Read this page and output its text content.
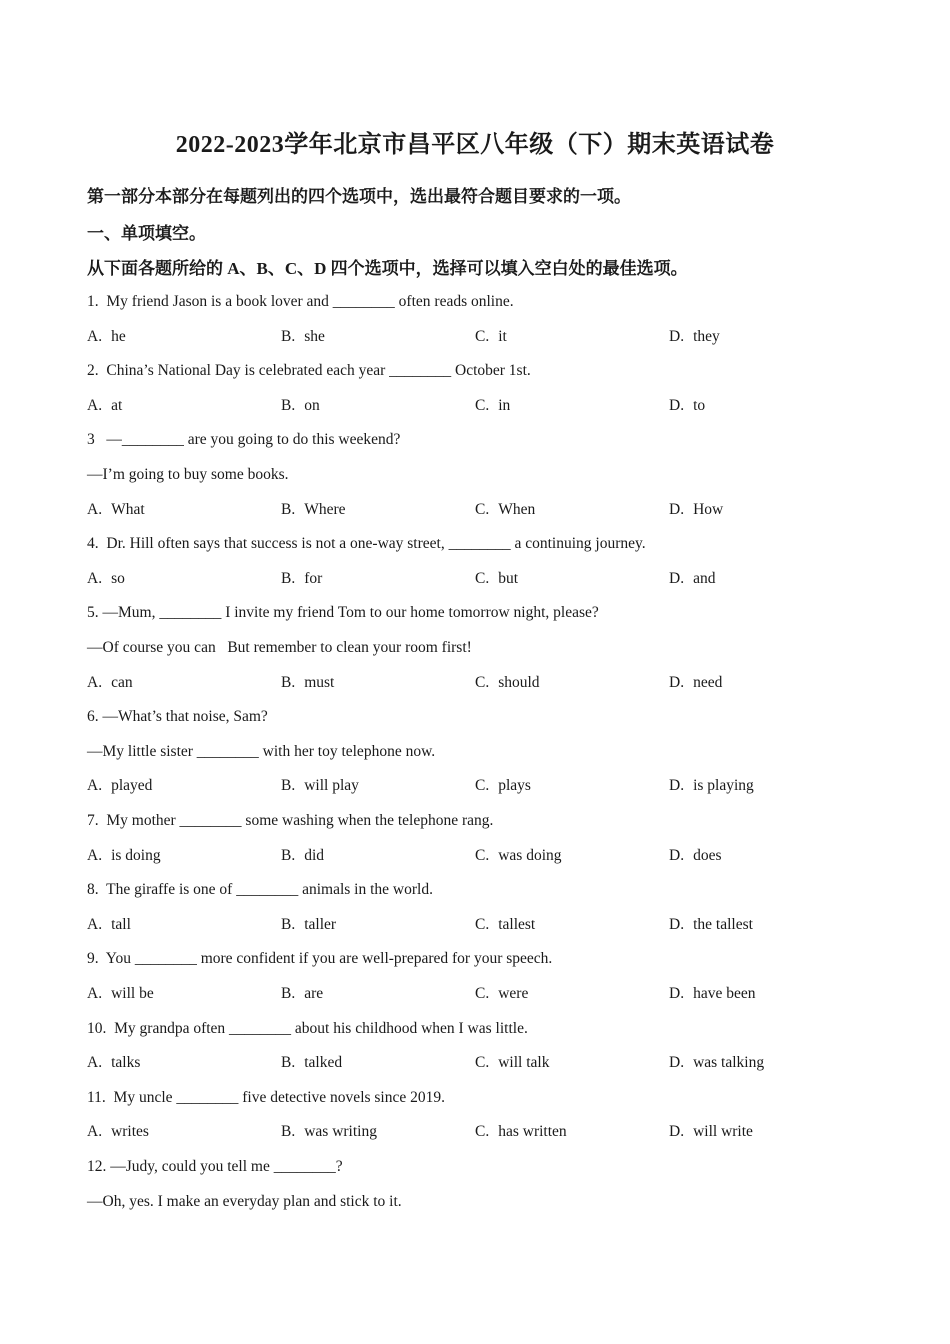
2022-2023学年北京市昌平区八年级（下）期末英语试卷
第一部分本部分在每题列出的四个选项中，选出最符合题目要求的一项。
一、单项填空。
从下面各题所给的 A、B、C、D 四个选项中，选择可以填入空白处的最佳选项。
1.  My friend Jason is a book lover and ________ often reads online.
A. he	B. she	C. it	D. they
2.  China’s National Day is celebrated each year ________ October 1st.
A. at	B. on	C. in	D. to
3   —________ are you going to do this weekend?
—I’m going to buy some books.
A. What	B. Where	C. When	D. How
4.  Dr. Hill often says that success is not a one-way street, ________ a continuing journey.
A. so	B. for	C. but	D. and
5. —Mum, ________ I invite my friend Tom to our home tomorrow night, please?
—Of course you can   But remember to clean your room first!
A. can	B. must	C. should	D. need
6. —What’s that noise, Sam?
—My little sister ________ with her toy telephone now.
A. played	B. will play	C. plays	D. is playing
7.  My mother ________ some washing when the telephone rang.
A. is doing	B. did	C. was doing	D. does
8.  The giraffe is one of ________ animals in the world.
A. tall	B. taller	C. tallest	D. the tallest
9.  You ________ more confident if you are well-prepared for your speech.
A. will be	B. are	C. were	D. have been
10.  My grandpa often ________ about his childhood when I was little.
A. talks	B. talked	C. will talk	D. was talking
11.  My uncle ________ five detective novels since 2019.
A. writes	B. was writing	C. has written	D. will write
12. —Judy, could you tell me ________?
—Oh, yes. I make an everyday plan and stick to it.
